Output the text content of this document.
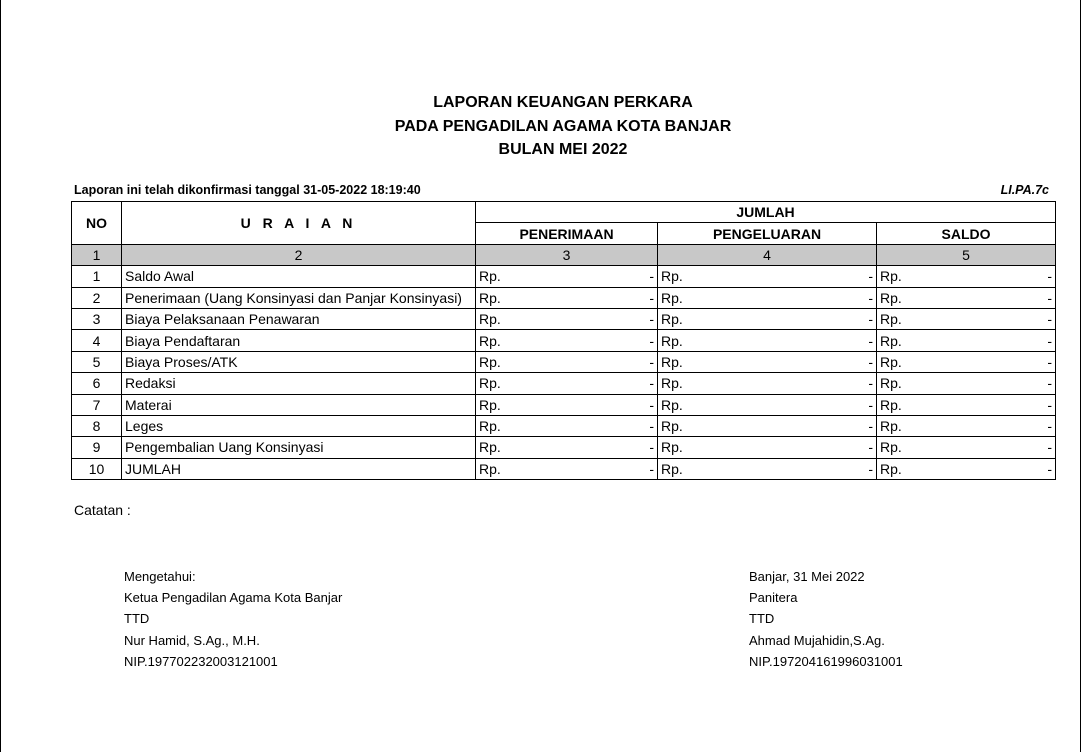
LAPORAN KEUANGAN PERKARA
PADA PENGADILAN AGAMA KOTA BANJAR
BULAN MEI 2022
Laporan ini telah dikonfirmasi tanggal 31-05-2022 18:19:40	LI.PA.7c
NO	U R A I A N	JUMLAH		
		PENERIMAAN	PENGELUARAN	SALDO
1	2	3	4	5
1	Saldo Awal	Rp. -	Rp. -	Rp. -

2	Penerimaan (Uang Konsinyasi dan Panjar Konsinyasi)	Rp. -	Rp. -	Rp. -

3	Biaya Pelaksanaan Penawaran	Rp. -	Rp. -	Rp. -

4	Biaya Pendaftaran	Rp. -	Rp. -	Rp. -

5	Biaya Proses/ATK	Rp. -	Rp. -	Rp. -

6	Redaksi	Rp. -	Rp. -	Rp. -

7	Materai	Rp. -	Rp. -	Rp. -

8	Leges	Rp. -	Rp. -	Rp. -

9	Pengembalian Uang Konsinyasi	Rp. -	Rp. -	Rp. -

10	JUMLAH	Rp. -	Rp. -	Rp. -
Catatan :
Mengetahui:
Ketua Pengadilan Agama Kota Banjar
TTD
Nur Hamid, S.Ag., M.H.
NIP.197702232003121001
Banjar, 31 Mei 2022
Panitera
TTD
Ahmad Mujahidin,S.Ag.
NIP.197204161996031001
